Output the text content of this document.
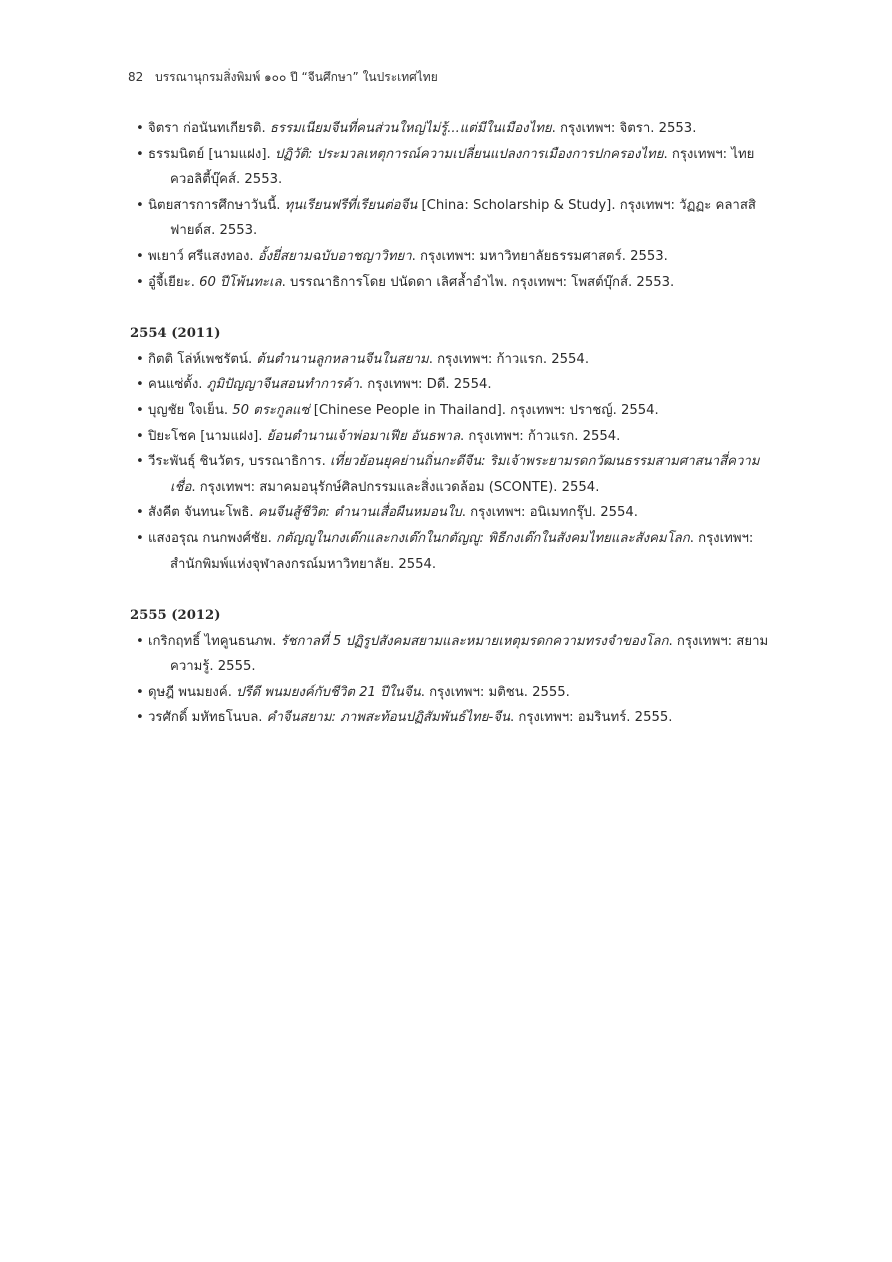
82 บรรณานุกรมสิ่งพิมพ์ ๑๐๐ ปี “จีนศึกษา” ในประเทศไทย
• จิตรา ก่อนันทเกียรติ. ธรรมเนียมจีนที่คนส่วนใหญ่ไม่รู้...แต่มีในเมืองไทย. กรุงเทพฯ: จิตรา. 2553.
• ธรรมนิตย์ [นามแฝง]. ปฏิวัติ: ประมวลเหตุการณ์ความเปลี่ยนแปลงการเมืองการปกครองไทย. กรุงเทพฯ: ไทยควอลิตี้บุ๊คส์. 2553.
• นิตยสารการศึกษาวันนี้. ทุนเรียนฟรีที่เรียนต่อจีน [China: Scholarship & Study]. กรุงเทพฯ: วัฏฏะ คลาสสิฟายด์ส. 2553.
• พเยาว์ ศรีแสงทอง. อั้งยี่สยามฉบับอาชญาวิทยา. กรุงเทพฯ: มหาวิทยาลัยธรรมศาสตร์. 2553.
• อู๋จี้เยียะ. 60 ปีโพ้นทะเล. บรรณาธิการโดย ปนัดดา เลิศล้ำอำไพ. กรุงเทพฯ: โพสต์บุ๊กส์. 2553.
2554 (2011)
• กิตติ โล่ห์เพชรัตน์. ต้นตำนานลูกหลานจีนในสยาม. กรุงเทพฯ: ก้าวแรก. 2554.
• คนแซ่ตั้ง. ภูมิปัญญาจีนสอนทำการค้า. กรุงเทพฯ: Dดี. 2554.
• บุญชัย ใจเย็น. 50 ตระกูลแซ่ [Chinese People in Thailand]. กรุงเทพฯ: ปราชญ์. 2554.
• ปิยะโชค [นามแฝง]. ย้อนตำนานเจ้าพ่อมาเฟีย อันธพาล. กรุงเทพฯ: ก้าวแรก. 2554.
• วีระพันธุ์ ชินวัตร, บรรณาธิการ. เที่ยวย้อนยุคย่านถิ่นกะดีจีน: ริมเจ้าพระยามรดกวัฒนธรรมสามศาสนาสี่ความเชื่อ. กรุงเทพฯ: สมาคมอนุรักษ์ศิลปกรรมและสิ่งแวดล้อม (SCONTE). 2554.
• สังคีต จันทนะโพธิ. คนจีนสู้ชีวิต: ตำนานเสื่อผืนหมอนใบ. กรุงเทพฯ: อนิเมทกรุ๊ป. 2554.
• แสงอรุณ กนกพงศ์ชัย. กตัญญูในกงเต๊กและกงเต๊กในกตัญญู: พิธีกงเต๊กในสังคมไทยและสังคมโลก. กรุงเทพฯ: สำนักพิมพ์แห่งจุฬาลงกรณ์มหาวิทยาลัย. 2554.
2555 (2012)
• เกริกฤทธิ์ ไทคูนธนภพ. รัชกาลที่ 5 ปฏิรูปสังคมสยามและหมายเหตุมรดกความทรงจำของโลก. กรุงเทพฯ: สยามความรู้. 2555.
• ดุษฎี พนมยงค์. ปรีดี พนมยงค์กับชีวิต 21 ปีในจีน. กรุงเทพฯ: มติชน. 2555.
• วรศักดิ์ มหัทธโนบล. คำจีนสยาม: ภาพสะท้อนปฏิสัมพันธ์ไทย-จีน. กรุงเทพฯ: อมรินทร์. 2555.
